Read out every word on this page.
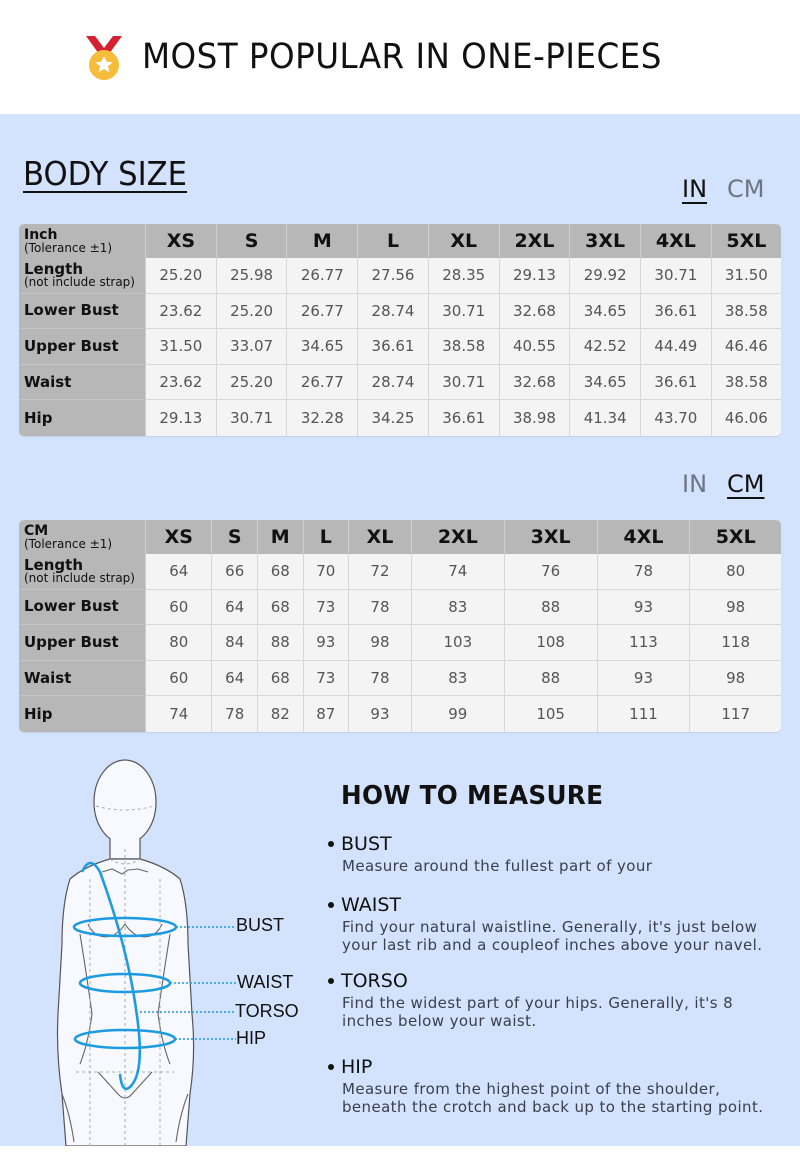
MOST POPULAR IN ONE-PIECES
BODY SIZE	IN CM
Inch
(Tolerance ±1)	XS	S	M	L	XL	2XL	3XL	4XL	5XL

Length
(not include strap)	25.20	25.98	26.77	27.56	28.35	29.13	29.92	30.71	31.50

Lower Bust	23.62	25.20	26.77	28.74	30.71	32.68	34.65	36.61	38.58

Upper Bust	31.50	33.07	34.65	36.61	38.58	40.55	42.52	44.49	46.46

Waist	23.62	25.20	26.77	28.74	30.71	32.68	34.65	36.61	38.58

Hip	29.13	30.71	32.28	34.25	36.61	38.98	41.34	43.70	46.06
IN CM
CM
(Tolerance ±1)	XS	S	M	L	XL	2XL	3XL	4XL	5XL

Length
(not include strap)	64	66	68	70	72	74	76	78	80

Lower Bust	60	64	68	73	78	83	88	93	98

Upper Bust	80	84	88	93	98	103	108	113	118

Waist	60	64	68	73	78	83	88	93	98

Hip	74	78	82	87	93	99	105	111	117
BUST
WAIST
TORSO
HIP
HOW TO MEASURE
BUST
Measure around the fullest part of your
WAIST
Find your natural waistline. Generally, it's just below your last rib and a coupleof inches above your navel.
TORSO
Find the widest part of your hips. Generally, it's 8 inches below your waist.
HIP
Measure from the highest point of the shoulder, beneath the crotch and back up to the starting point.
